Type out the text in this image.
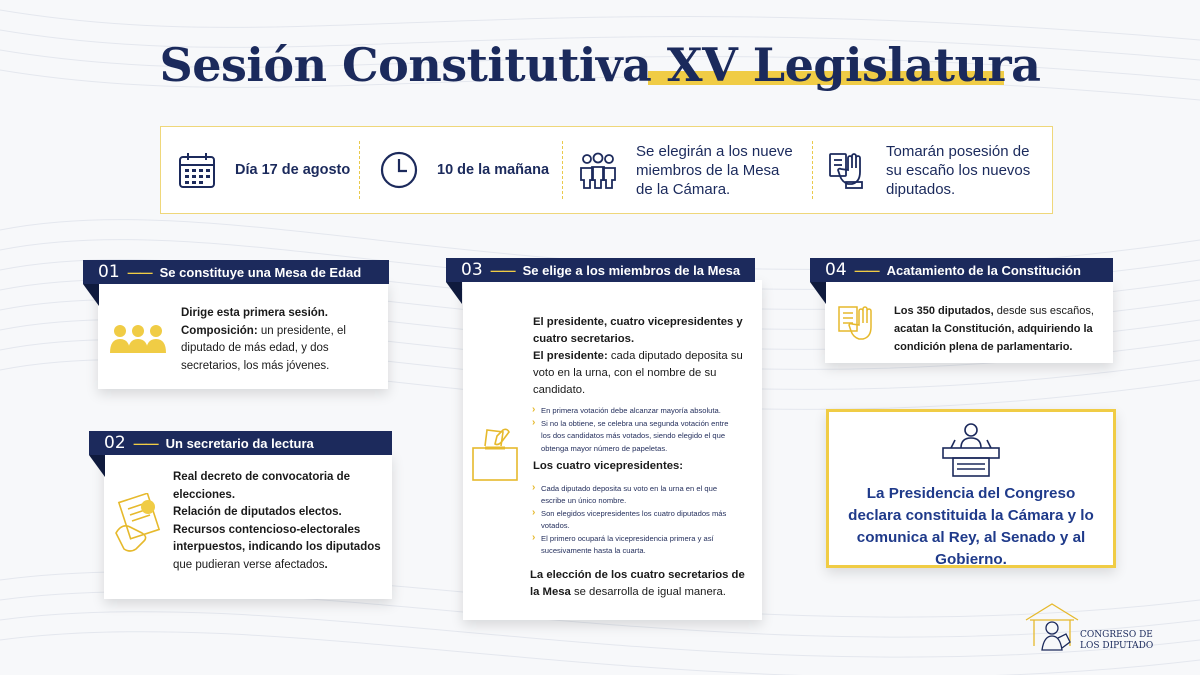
Sesión Constitutiva XV Legislatura
Día 17 de agosto	10 de la mañana
Se elegirán a los nueve miembros de la Mesa de la Cámara.
Tomarán posesión de su escaño los nuevos diputados.
Dirige esta primera sesión.
Composición: un presidente, el diputado de más edad, y dos secretarios, los más jóvenes.
01 —— Se constituye una Mesa de Edad
Real decreto de convocatoria de elecciones.
Relación de diputados electos.
Recursos contencioso-electorales interpuestos, indicando los diputados que pudieran verse afectados.
02 —— Un secretario da lectura
El presidente, cuatro vicepresidentes y cuatro secretarios.
El presidente: cada diputado deposita su voto en la urna, con el nombre de su candidato.
› En primera votación debe alcanzar mayoría absoluta.
› Si no la obtiene, se celebra una segunda votación entre los dos candidatos más votados, siendo elegido el que obtenga mayor número de papeletas.
Los cuatro vicepresidentes:
› Cada diputado deposita su voto en la urna en el que escribe un único nombre.
› Son elegidos vicepresidentes los cuatro diputados más votados.
› El primero ocupará la vicepresidencia primera y así sucesivamente hasta la cuarta.
La elección de los cuatro secretarios de la Mesa se desarrolla de igual manera.
03 —— Se elige a los miembros de la Mesa
Los 350 diputados, desde sus escaños, acatan la Constitución, adquiriendo la condición plena de parlamentario.
04 —— Acatamiento de la Constitución
La Presidencia del Congreso declara constituida la Cámara y lo comunica al Rey, al Senado y al Gobierno.
CONGRESO DE
LOS DIPUTADO
